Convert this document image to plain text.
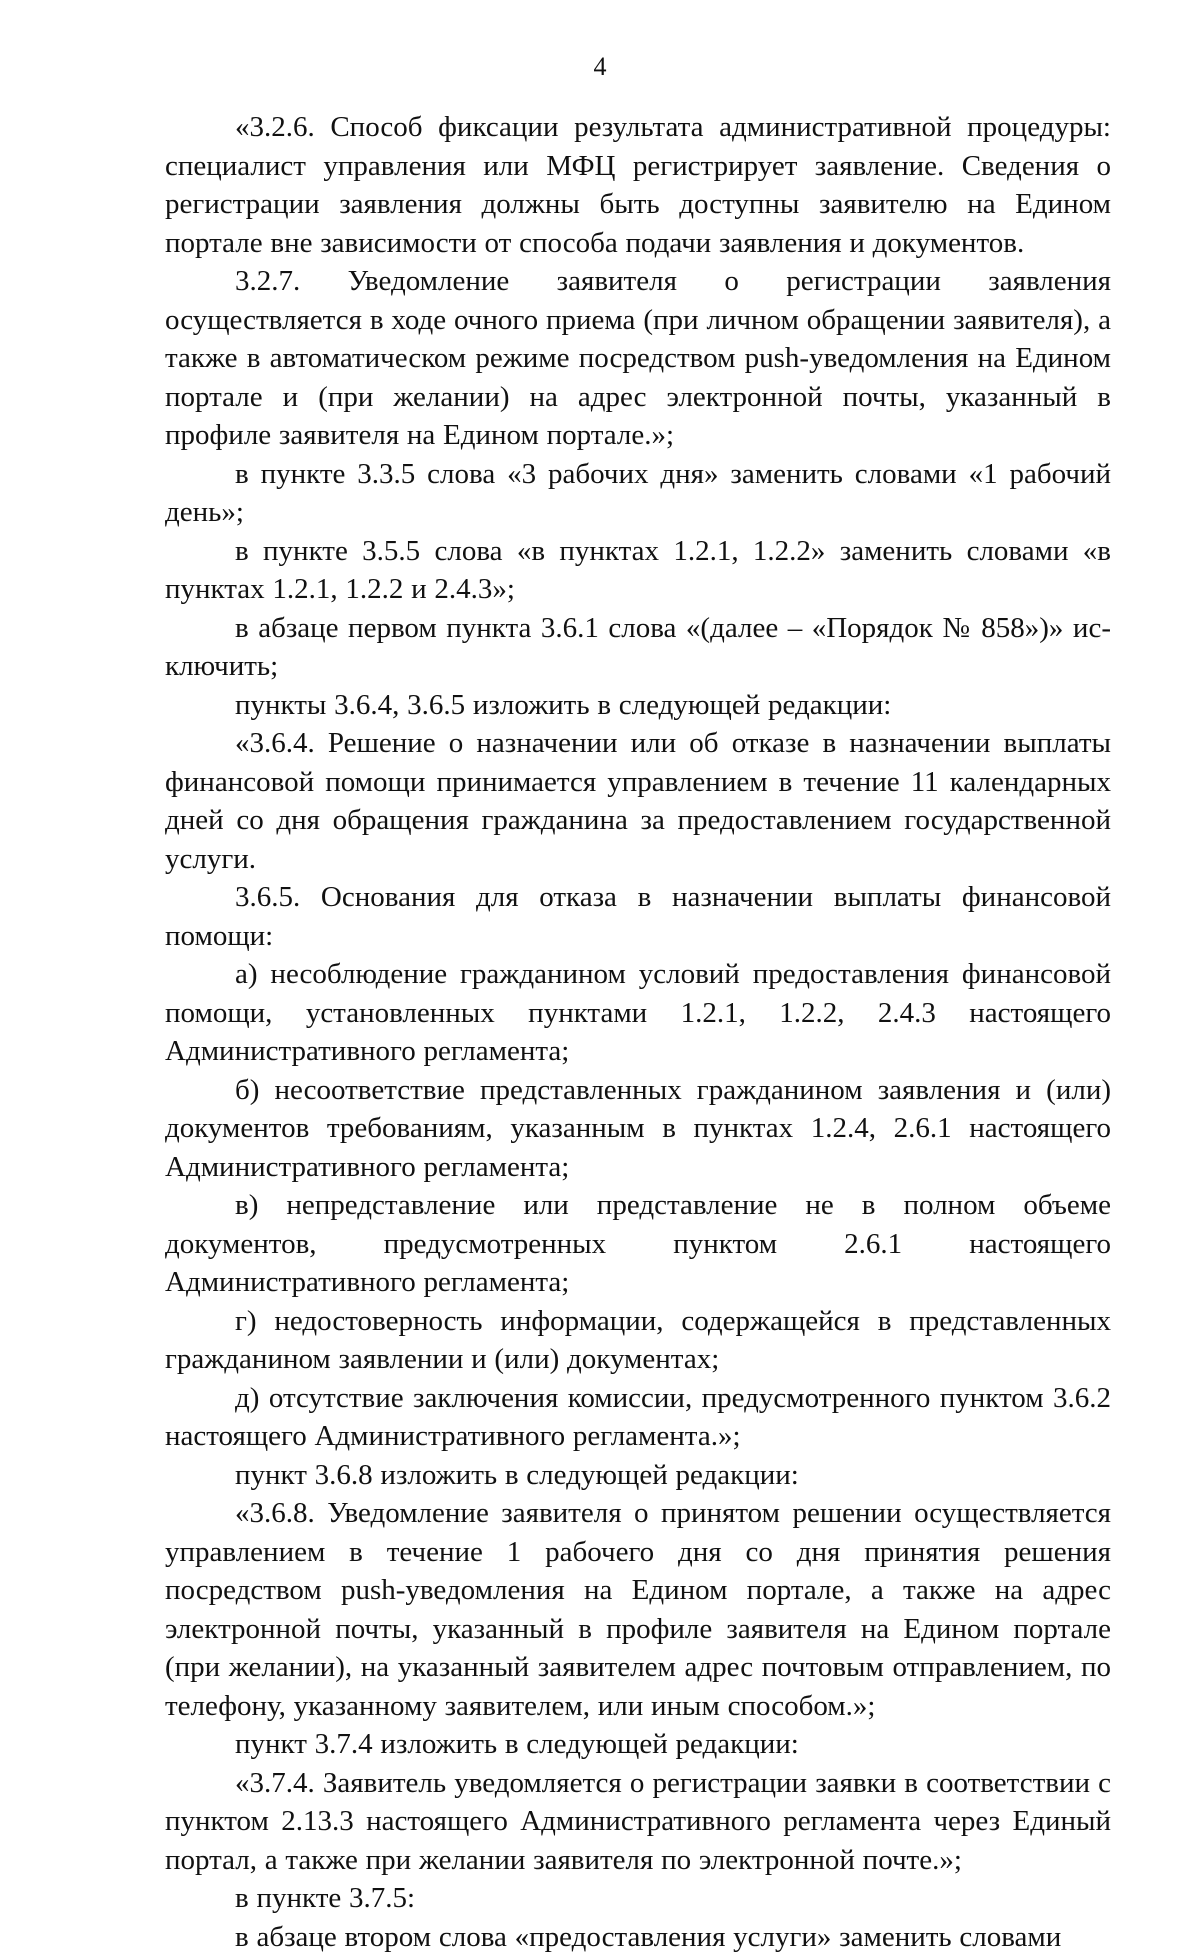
4

«3.2.6. Способ фиксации результата административной процедуры: специалист управления или МФЦ регистрирует заявление. Сведения о регистрации заявления должны быть доступны заявителю на Едином портале вне зависимости от способа подачи заявления и документов.

3.2.7. Уведомление заявителя о регистрации заявления осуществляется в ходе очного приема (при личном обращении заявителя), а также в автоматическом режиме посредством push-уведомления на Едином портале и (при желании) на адрес электронной почты, указанный в профиле заявителя на Едином портале.»;

в пункте 3.3.5 слова «3 рабочих дня» заменить словами «1 рабочий день»;

в пункте 3.5.5 слова «в пунктах 1.2.1, 1.2.2» заменить словами «в пунктах 1.2.1, 1.2.2 и 2.4.3»;

в абзаце первом пункта 3.6.1 слова «(далее – «Порядок № 858»)» исключить;

пункты 3.6.4, 3.6.5 изложить в следующей редакции:

«3.6.4. Решение о назначении или об отказе в назначении выплаты финансовой помощи принимается управлением в течение 11 календарных дней со дня обращения гражданина за предоставлением государственной услуги.

3.6.5. Основания для отказа в назначении выплаты финансовой помощи:

а) несоблюдение гражданином условий предоставления финансовой помощи, установленных пунктами 1.2.1, 1.2.2, 2.4.3 настоящего Административного регламента;

б) несоответствие представленных гражданином заявления и (или) документов требованиям, указанным в пунктах 1.2.4, 2.6.1 настоящего Административного регламента;

в) непредставление или представление не в полном объеме документов, предусмотренных пунктом 2.6.1 настоящего Административного регламента;

г) недостоверность информации, содержащейся в представленных гражданином заявлении и (или) документах;

д) отсутствие заключения комиссии, предусмотренного пунктом 3.6.2 настоящего Административного регламента.»;

пункт 3.6.8 изложить в следующей редакции:

«3.6.8. Уведомление заявителя о принятом решении осуществляется управлением в течение 1 рабочего дня со дня принятия решения посредством push-уведомления на Едином портале, а также на адрес электронной почты, указанный в профиле заявителя на Едином портале (при желании), на указанный заявителем адрес почтовым отправлением, по телефону, указанному заявителем, или иным способом.»;

пункт 3.7.4 изложить в следующей редакции:

«3.7.4. Заявитель уведомляется о регистрации заявки в соответствии с пунктом 2.13.3 настоящего Административного регламента через Единый портал, а также при желании заявителя по электронной почте.»;

в пункте 3.7.5:

в абзаце втором слова «предоставления услуги» заменить словами
